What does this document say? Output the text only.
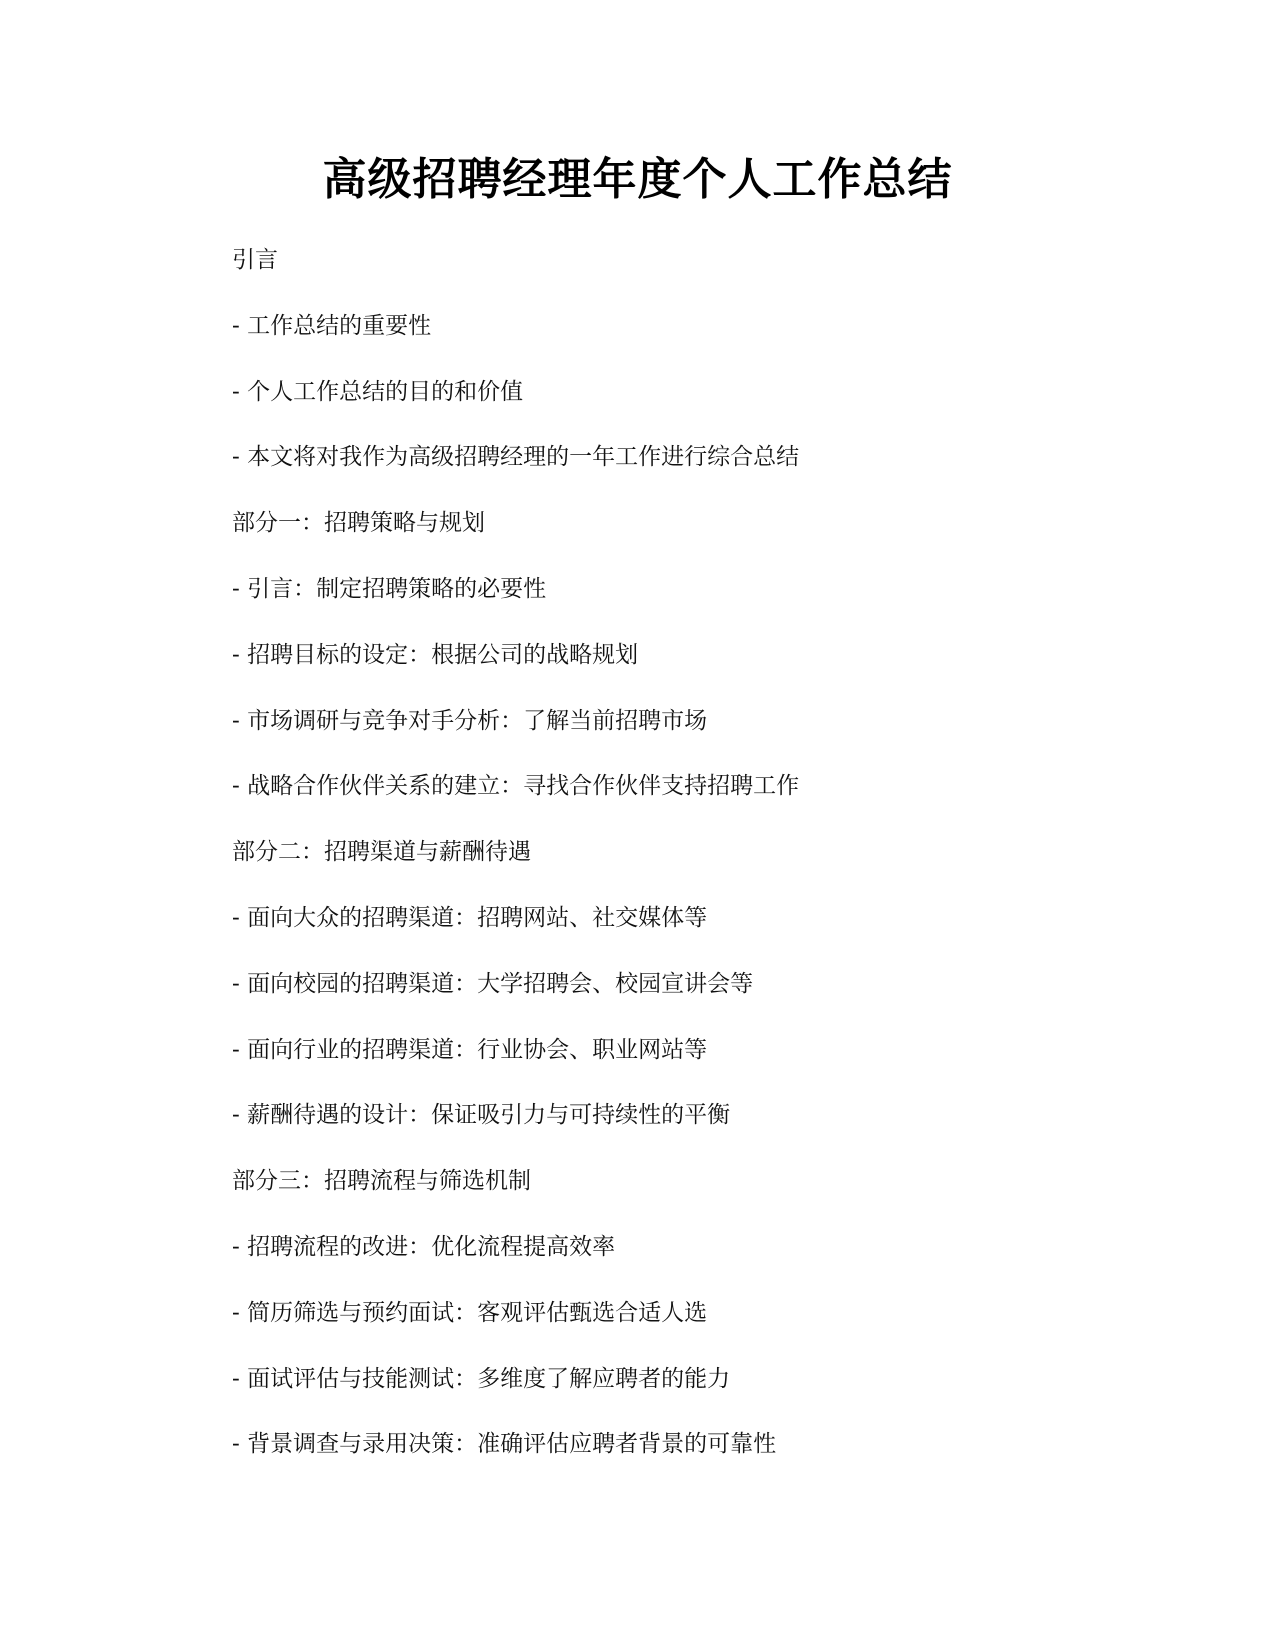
高级招聘经理年度个人工作总结
引言
- 工作总结的重要性
- 个人工作总结的目的和价值
- 本文将对我作为高级招聘经理的一年工作进行综合总结
部分一：招聘策略与规划
- 引言：制定招聘策略的必要性
- 招聘目标的设定：根据公司的战略规划
- 市场调研与竞争对手分析：了解当前招聘市场
- 战略合作伙伴关系的建立：寻找合作伙伴支持招聘工作
部分二：招聘渠道与薪酬待遇
- 面向大众的招聘渠道：招聘网站、社交媒体等
- 面向校园的招聘渠道：大学招聘会、校园宣讲会等
- 面向行业的招聘渠道：行业协会、职业网站等
- 薪酬待遇的设计：保证吸引力与可持续性的平衡
部分三：招聘流程与筛选机制
- 招聘流程的改进：优化流程提高效率
- 简历筛选与预约面试：客观评估甄选合适人选
- 面试评估与技能测试：多维度了解应聘者的能力
- 背景调查与录用决策：准确评估应聘者背景的可靠性
